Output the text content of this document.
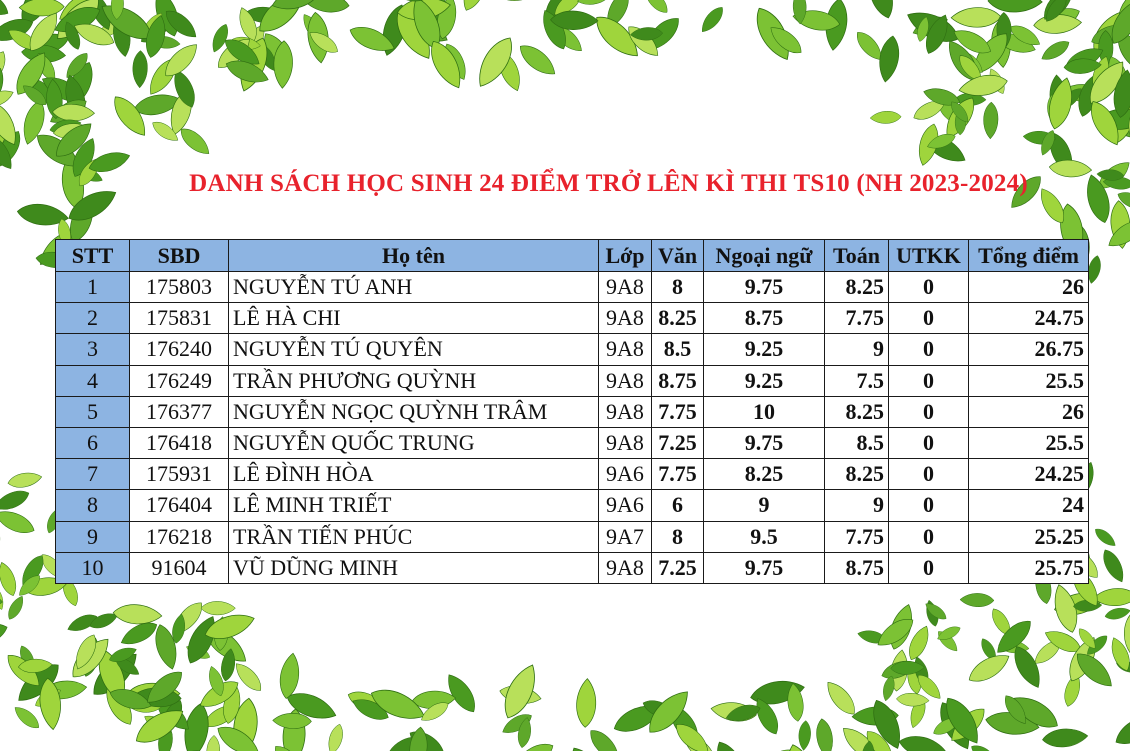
DANH SÁCH HỌC SINH 24 ĐIỂM TRỞ LÊN KÌ THI TS10 (NH 2023-2024)
STT	SBD	Họ tên	Lớp	Văn	Ngoại ngữ	Toán	UTKK	Tổng điểm
1	175803	NGUYỄN TÚ ANH	9A8	8	9.75	8.25	0	26
2	175831	LÊ HÀ CHI	9A8	8.25	8.75	7.75	0	24.75
3	176240	NGUYỄN TÚ QUYÊN	9A8	8.5	9.25	9	0	26.75
4	176249	TRẦN PHƯƠNG QUỲNH	9A8	8.75	9.25	7.5	0	25.5
5	176377	NGUYỄN NGỌC QUỲNH TRÂM	9A8	7.75	10	8.25	0	26
6	176418	NGUYỄN QUỐC TRUNG	9A8	7.25	9.75	8.5	0	25.5
7	175931	LÊ ĐÌNH HÒA	9A6	7.75	8.25	8.25	0	24.25
8	176404	LÊ MINH TRIẾT	9A6	6	9	9	0	24
9	176218	TRẦN TIẾN PHÚC	9A7	8	9.5	7.75	0	25.25
10	91604	VŨ DŨNG MINH	9A8	7.25	9.75	8.75	0	25.75
